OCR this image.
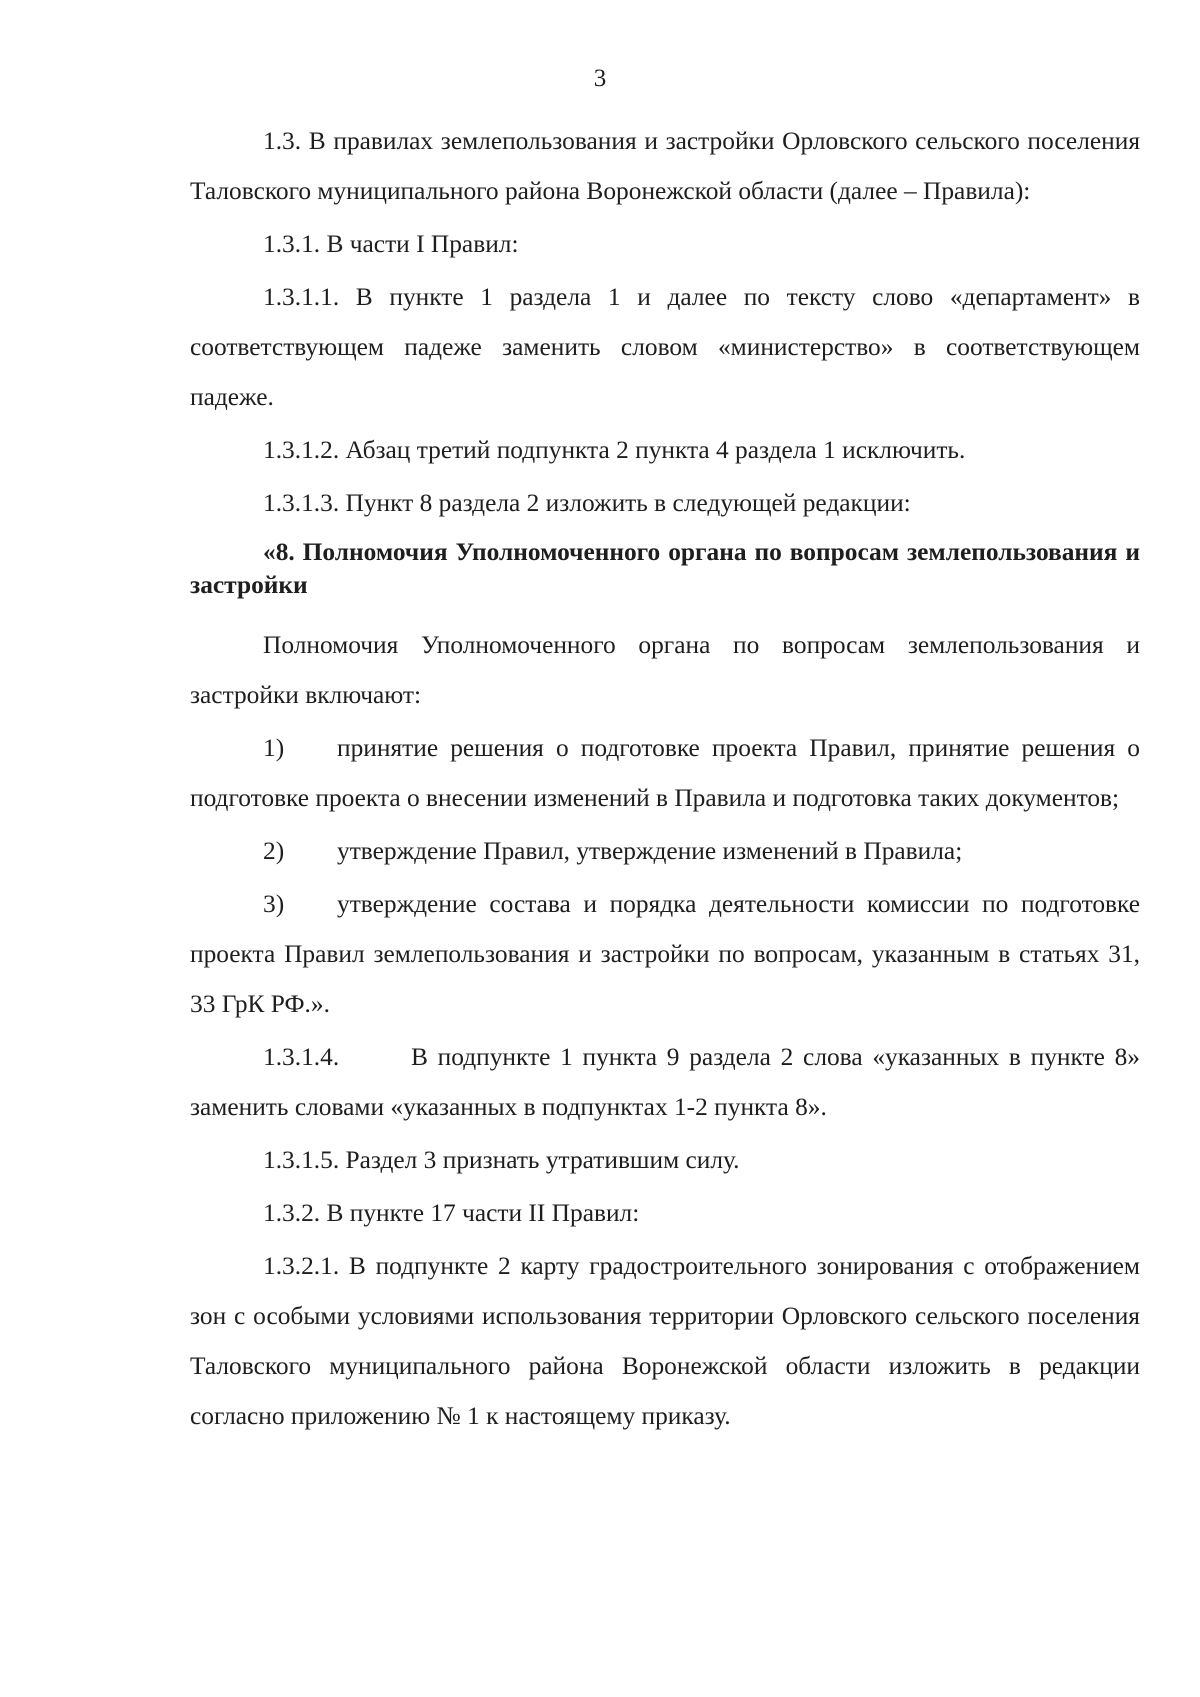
3

1.3. В правилах землепользования и застройки Орловского сельского поселения Таловского муниципального района Воронежской области (далее – Правила):

1.3.1. В части I Правил:

1.3.1.1. В пункте 1 раздела 1 и далее по тексту слово «департамент» в соответствующем падеже заменить словом «министерство» в соответствующем падеже.

1.3.1.2. Абзац третий подпункта 2 пункта 4 раздела 1 исключить.

1.3.1.3. Пункт 8 раздела 2 изложить в следующей редакции:

«8. Полномочия Уполномоченного органа по вопросам землепользования и застройки

Полномочия Уполномоченного органа по вопросам землепользования и застройки включают:

1) принятие решения о подготовке проекта Правил, принятие решения о подготовке проекта о внесении изменений в Правила и подготовка таких документов;

2) утверждение Правил, утверждение изменений в Правила;

3) утверждение состава и порядка деятельности комиссии по подготовке проекта Правил землепользования и застройки по вопросам, указанным в статьях 31, 33 ГрК РФ.».

1.3.1.4.	В подпункте 1 пункта 9 раздела 2 слова «указанных в пункте 8» заменить словами «указанных в подпунктах 1-2 пункта 8».

1.3.1.5. Раздел 3 признать утратившим силу.

1.3.2. В пункте 17 части II Правил:

1.3.2.1. В подпункте 2 карту градостроительного зонирования с отображением зон с особыми условиями использования территории Орловского сельского поселения Таловского муниципального района Воронежской области изложить в редакции согласно приложению № 1 к настоящему приказу.
